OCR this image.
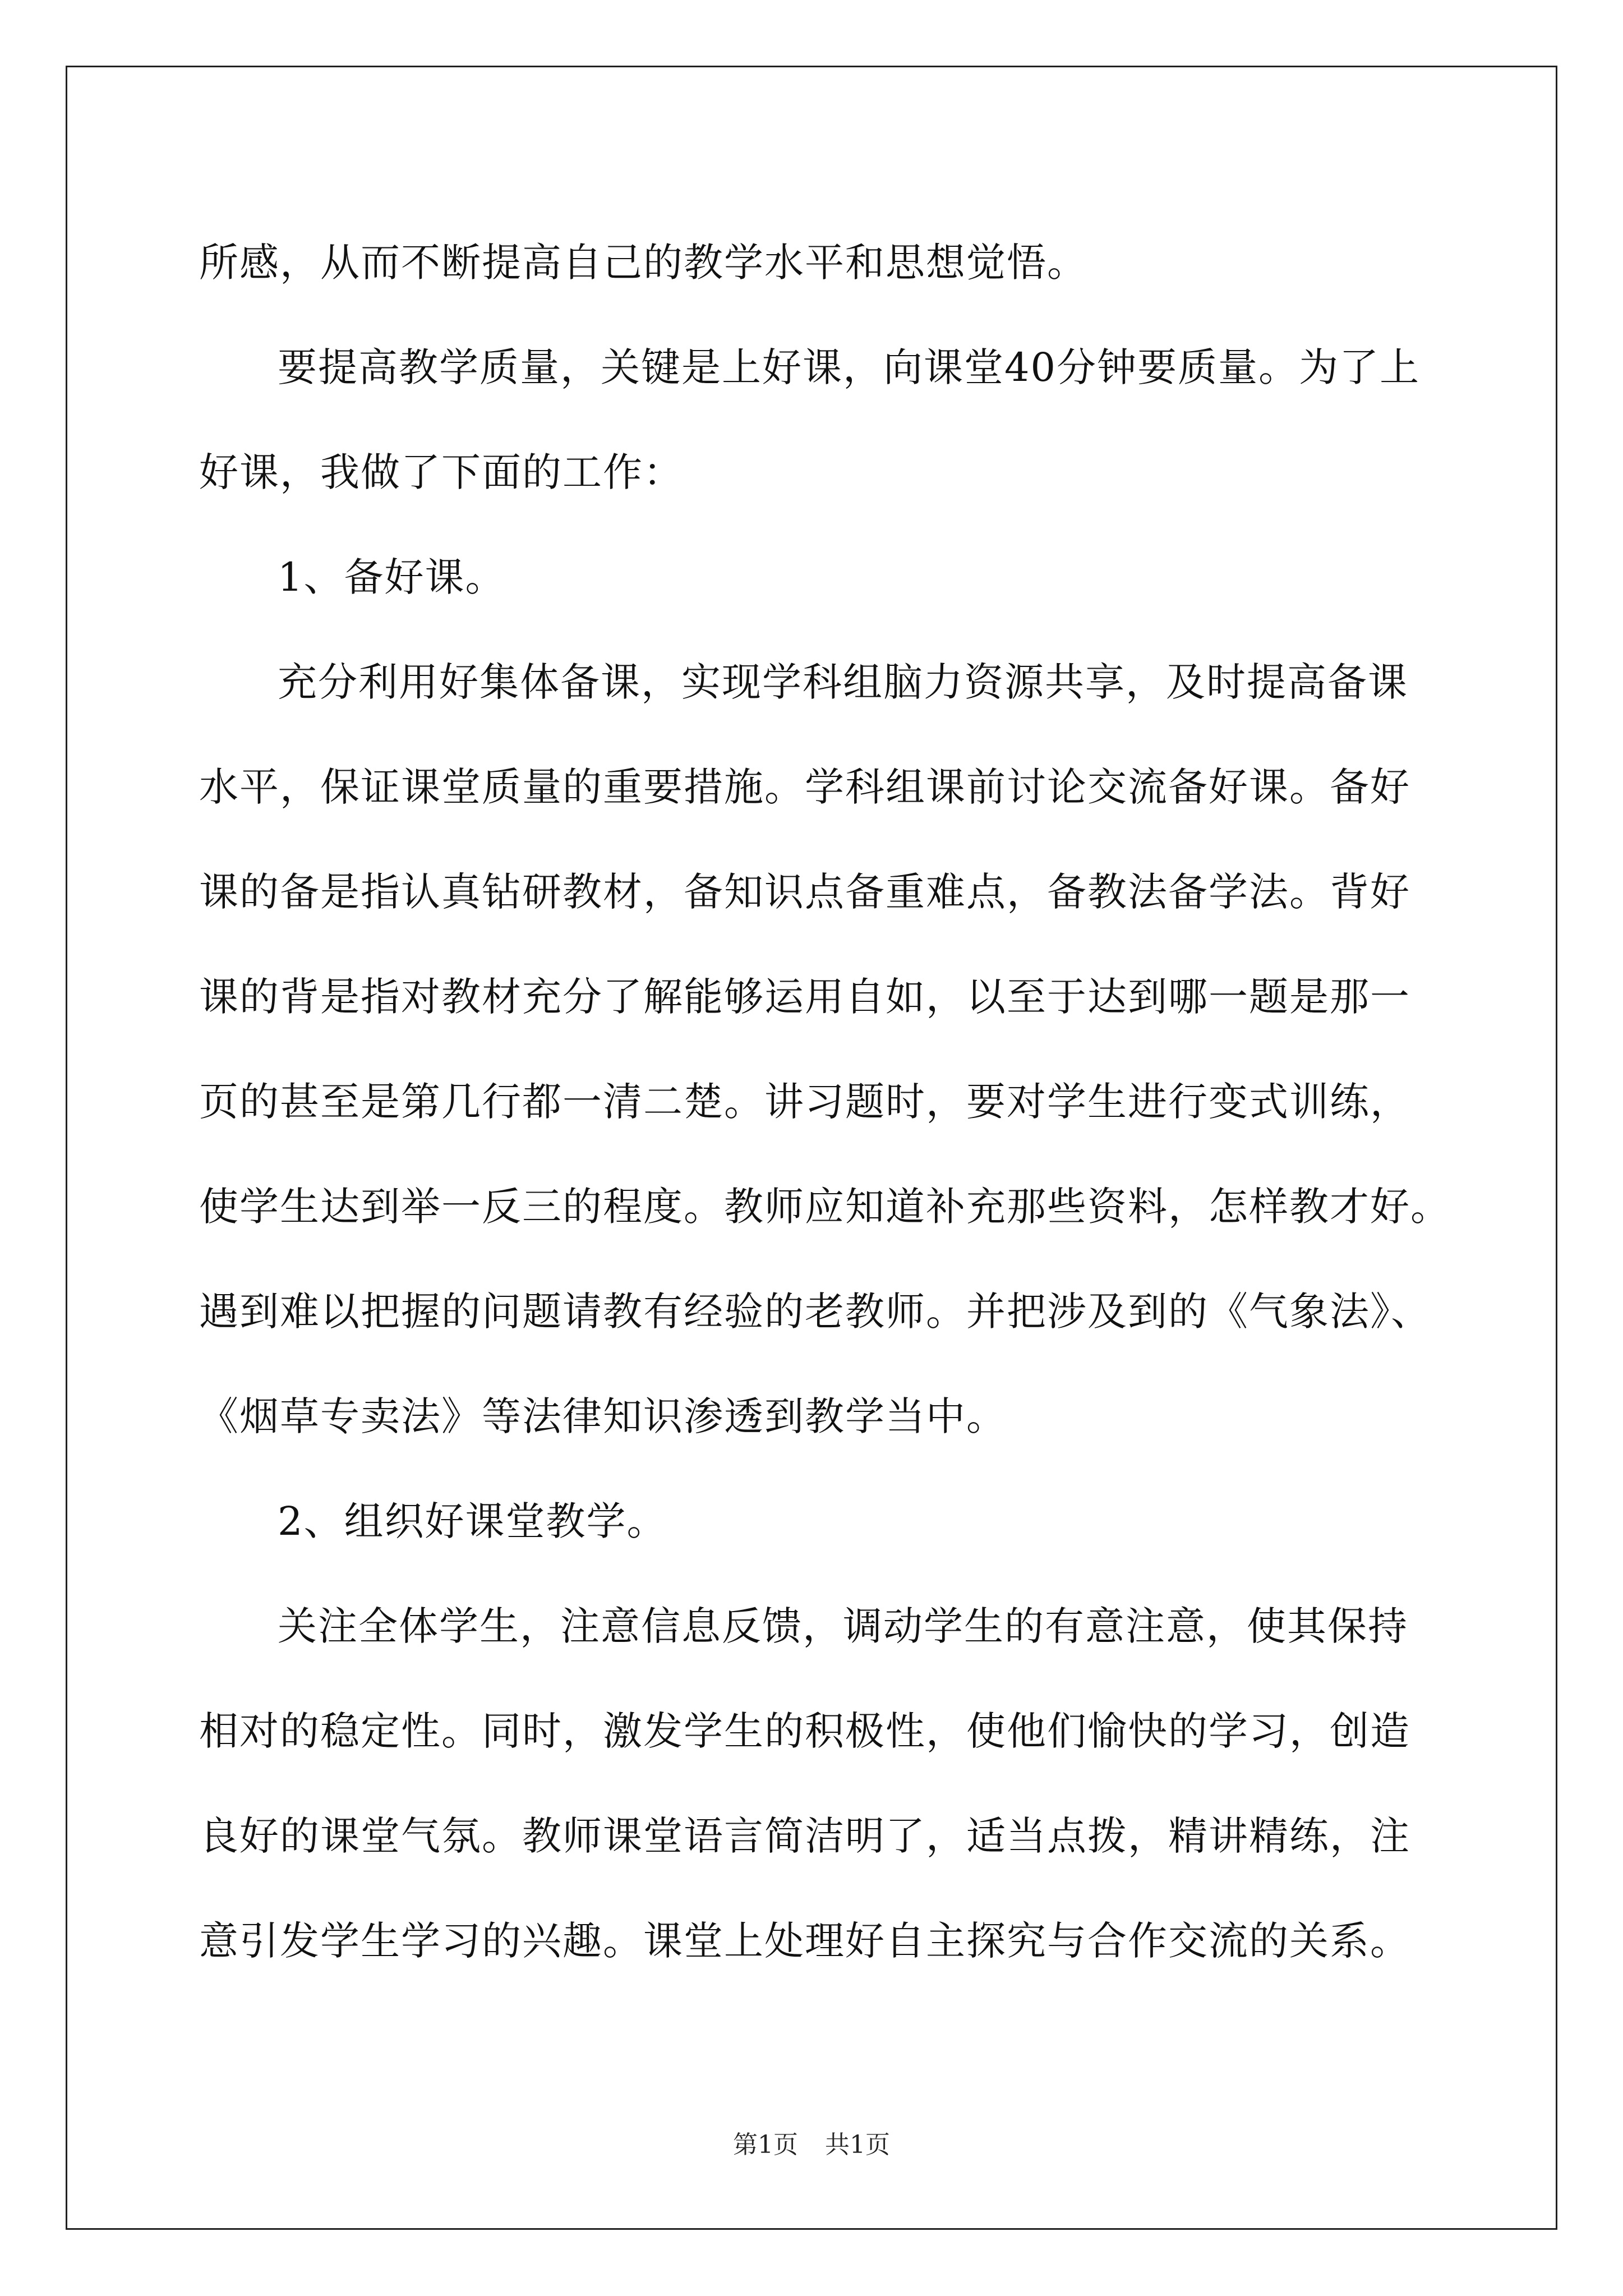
所感，从而不断提高自己的教学水平和思想觉悟。
要提高教学质量，关键是上好课，向课堂40分钟要质量。为了上
好课，我做了下面的工作：
1、备好课。
充分利用好集体备课，实现学科组脑力资源共享，及时提高备课
水平，保证课堂质量的重要措施。学科组课前讨论交流备好课。备好
课的备是指认真钻研教材，备知识点备重难点，备教法备学法。背好
课的背是指对教材充分了解能够运用自如，以至于达到哪一题是那一
页的甚至是第几行都一清二楚。讲习题时，要对学生进行变式训练，
使学生达到举一反三的程度。教师应知道补充那些资料，怎样教才好。
遇到难以把握的问题请教有经验的老教师。并把涉及到的《气象法》、
《烟草专卖法》等法律知识渗透到教学当中。
2、组织好课堂教学。
关注全体学生，注意信息反馈，调动学生的有意注意，使其保持
相对的稳定性。同时，激发学生的积极性，使他们愉快的学习，创造
良好的课堂气氛。教师课堂语言简洁明了，适当点拨，精讲精练，注
意引发学生学习的兴趣。课堂上处理好自主探究与合作交流的关系。
第1页 共1页
